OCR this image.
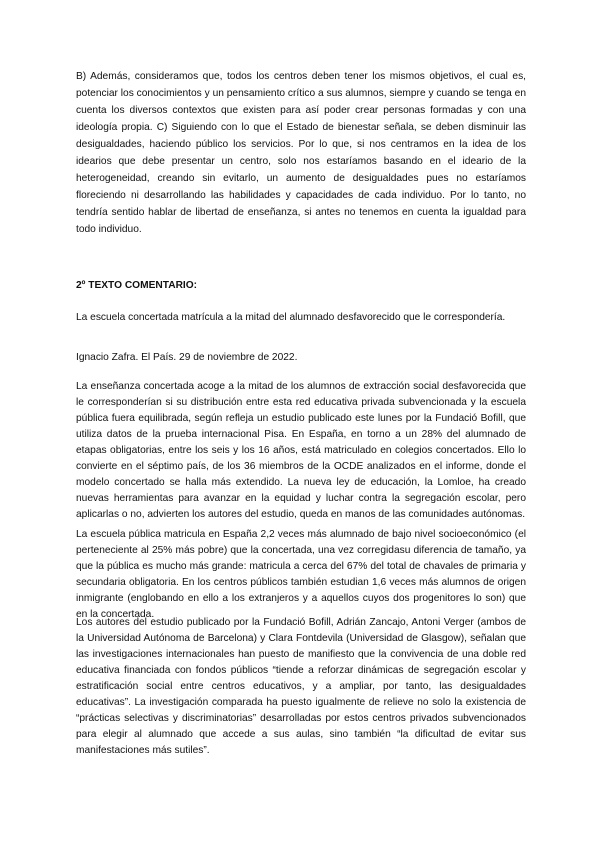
B) Además, consideramos que, todos los centros deben tener los mismos objetivos, el cual es, potenciar los conocimientos y un pensamiento crítico a sus alumnos, siempre y cuando se tenga en cuenta los diversos contextos que existen para así poder crear personas formadas y con una ideología propia. C) Siguiendo con lo que el Estado de bienestar señala, se deben disminuir las desigualdades, haciendo público los servicios. Por lo que, si nos centramos en la idea de los idearios que debe presentar un centro, solo nos estaríamos basando en el ideario de la heterogeneidad, creando sin evitarlo, un aumento de desigualdades pues no estaríamos floreciendo ni desarrollando las habilidades y capacidades de cada individuo. Por lo tanto, no tendría sentido hablar de libertad de enseñanza, si antes no tenemos en cuenta la igualdad para todo individuo.

2º TEXTO COMENTARIO:

La escuela concertada matrícula a la mitad del alumnado desfavorecido que le correspondería.

Ignacio Zafra. El País. 29 de noviembre de 2022.

La enseñanza concertada acoge a la mitad de los alumnos de extracción social desfavorecida que le corresponderían si su distribución entre esta red educativa privada subvencionada y la escuela pública fuera equilibrada, según refleja un estudio publicado este lunes por la Fundació Bofill, que utiliza datos de la prueba internacional Pisa. En España, en torno a un 28% del alumnado de etapas obligatorias, entre los seis y los 16 años, está matriculado en colegios concertados. Ello lo convierte en el séptimo país, de los 36 miembros de la OCDE analizados en el informe, donde el modelo concertado se halla más extendido. La nueva ley de educación, la Lomloe, ha creado nuevas herramientas para avanzar en la equidad y luchar contra la segregación escolar, pero aplicarlas o no, advierten los autores del estudio, queda en manos de las comunidades autónomas.

La escuela pública matricula en España 2,2 veces más alumnado de bajo nivel socioeconómico (el perteneciente al 25% más pobre) que la concertada, una vez corregidasu diferencia de tamaño, ya que la pública es mucho más grande: matricula a cerca del 67% del total de chavales de primaria y secundaria obligatoria. En los centros públicos también estudian 1,6 veces más alumnos de origen inmigrante (englobando en ello a los extranjeros y a aquellos cuyos dos progenitores lo son) que en la concertada.

Los autores del estudio publicado por la Fundació Bofill, Adrián Zancajo, Antoni Verger (ambos de la Universidad Autónoma de Barcelona) y Clara Fontdevila (Universidad de Glasgow), señalan que las investigaciones internacionales han puesto de manifiesto que la convivencia de una doble red educativa financiada con fondos públicos “tiende a reforzar dinámicas de segregación escolar y estratificación social entre centros educativos, y a ampliar, por tanto, las desigualdades educativas”. La investigación comparada ha puesto igualmente de relieve no solo la existencia de “prácticas selectivas y discriminatorias” desarrolladas por estos centros privados subvencionados para elegir al alumnado que accede a sus aulas, sino también “la dificultad de evitar sus manifestaciones más sutiles”.
